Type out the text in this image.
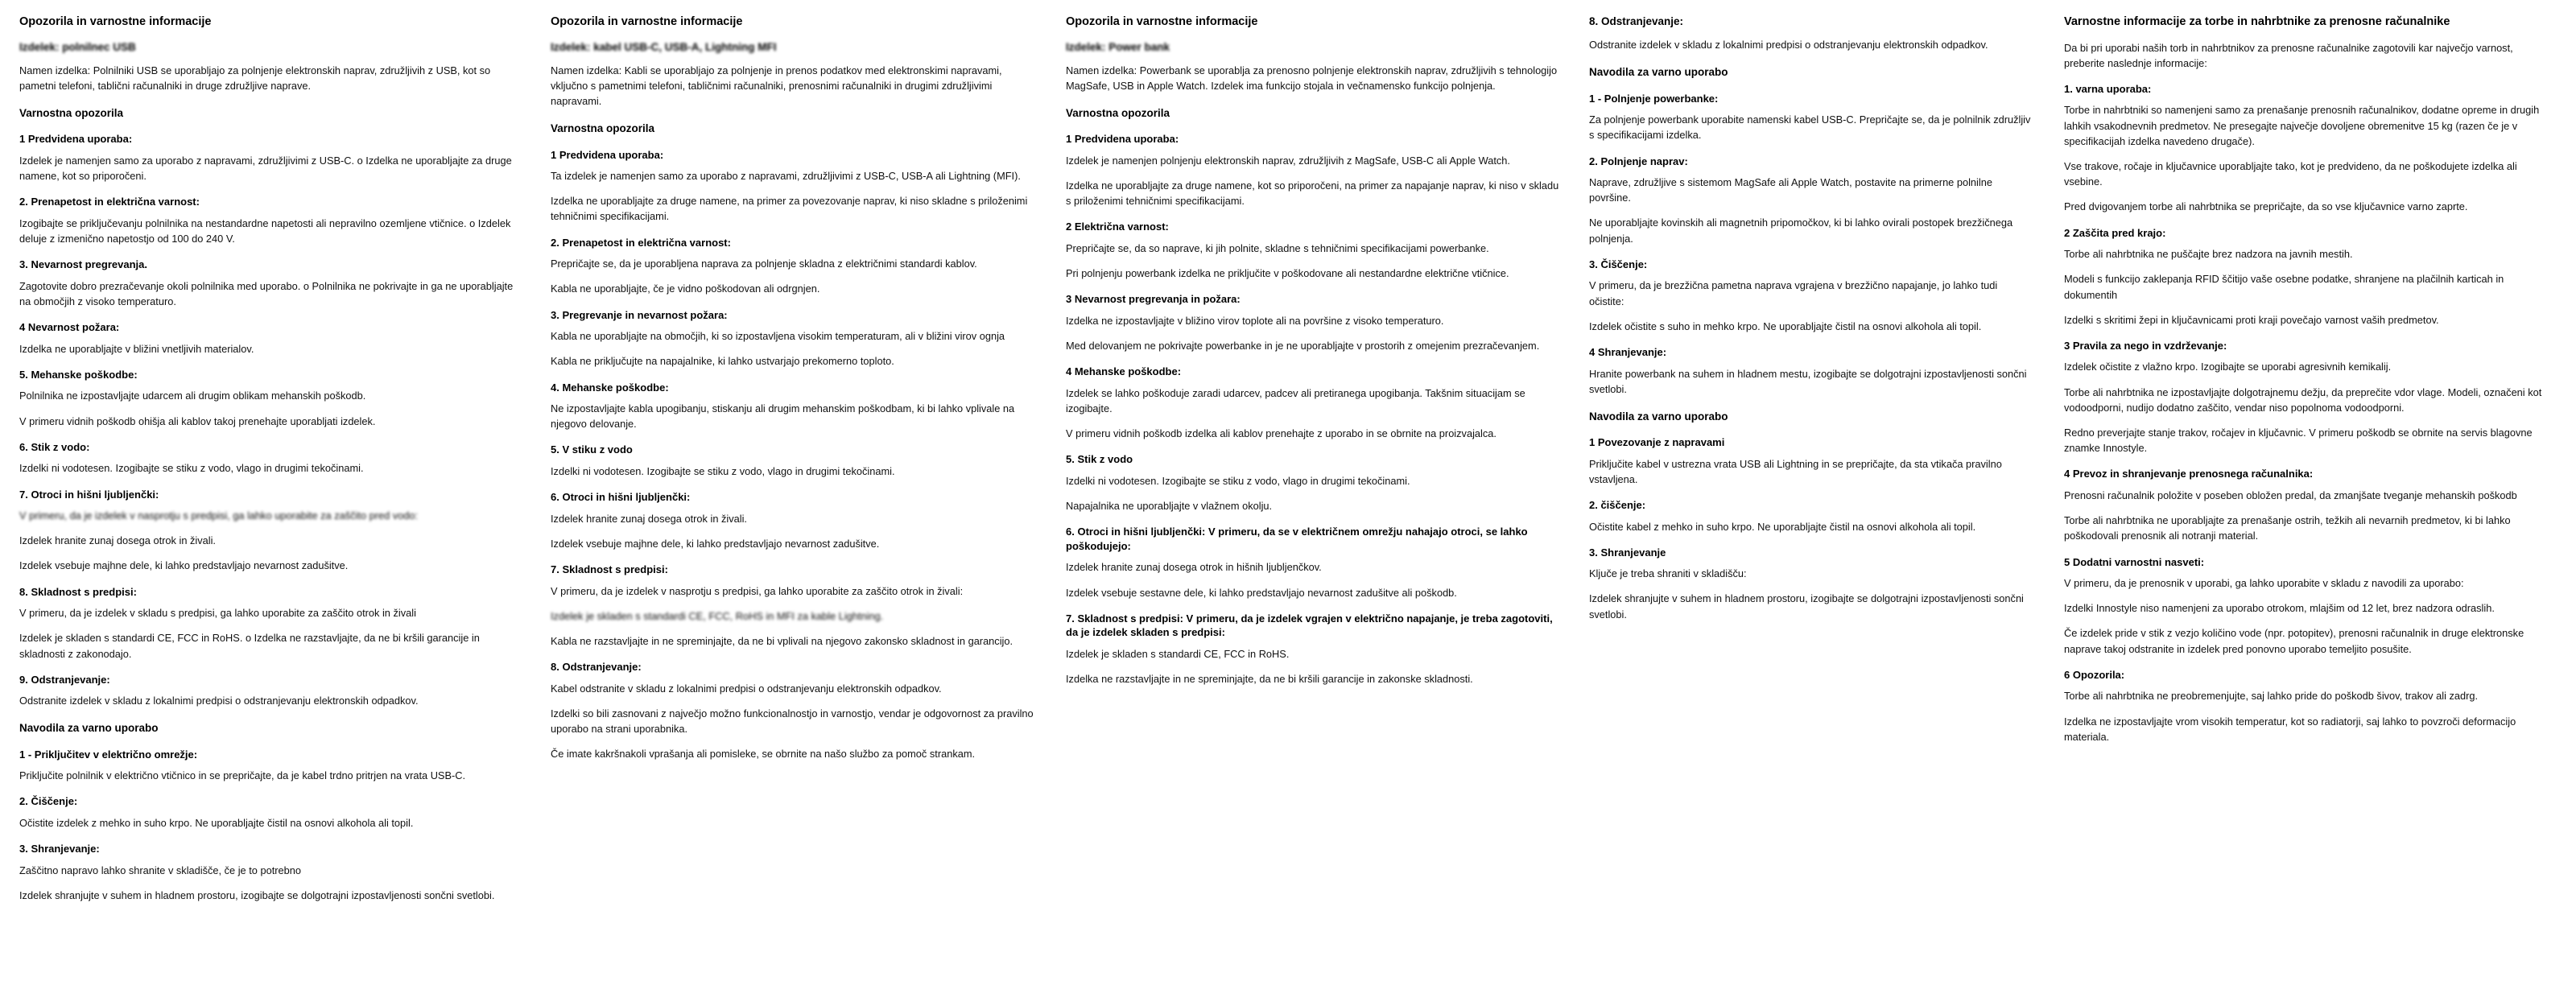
Opozorila in varnostne informacije
Izdelek: polnilnec USB

Namen izdelka: Polnilniki USB se uporabljajo za polnjenje elektronskih naprav, združljivih z USB, kot so pametni telefoni, tablični računalniki in druge združljive naprave.

Varnostna opozorila
1 Predvidena uporaba:

Izdelek je namenjen samo za uporabo z napravami, združljivimi z USB-C. o Izdelka ne uporabljajte za druge namene, kot so priporočeni.

2. Prenapetost in električna varnost:

Izogibajte se priključevanju polnilnika na nestandardne napetosti ali nepravilno ozemljene vtičnice. o Izdelek deluje z izmenično napetostjo od 100 do 240 V.

3. Nevarnost pregrevanja.

Zagotovite dobro prezračevanje okoli polnilnika med uporabo. o Polnilnika ne pokrivajte in ga ne uporabljajte na območjih z visoko temperaturo.

4 Nevarnost požara:

Izdelka ne uporabljajte v bližini vnetljivih materialov.

5. Mehanske poškodbe:

Polnilnika ne izpostavljajte udarcem ali drugim oblikam mehanskih poškodb.

V primeru vidnih poškodb ohišja ali kablov takoj prenehajte uporabljati izdelek.

6. Stik z vodo:

Izdelki ni vodotesen. Izogibajte se stiku z vodo, vlago in drugimi tekočinami.

7. Otroci in hišni ljubljenčki:

V primeru, da je izdelek v nasprotju s predpisi, ga lahko uporabite za zaščito pred vodo:

Izdelek hranite zunaj dosega otrok in živali.

Izdelek vsebuje majhne dele, ki lahko predstavljajo nevarnost zadušitve.

8. Skladnost s predpisi:

V primeru, da je izdelek v skladu s predpisi, ga lahko uporabite za zaščito otrok in živali

Izdelek je skladen s standardi CE, FCC in RoHS. o Izdelka ne razstavljajte, da ne bi kršili garancije in skladnosti z zakonodajo.

9. Odstranjevanje:

Odstranite izdelek v skladu z lokalnimi predpisi o odstranjevanju elektronskih odpadkov.

Navodila za varno uporabo
1 - Priključitev v električno omrežje:

Priključite polnilnik v električno vtičnico in se prepričajte, da je kabel trdno pritrjen na vrata USB-C.

2. Čiščenje:

Očistite izdelek z mehko in suho krpo. Ne uporabljajte čistil na osnovi alkohola ali topil.

3. Shranjevanje:

Zaščitno napravo lahko shranite v skladišče, če je to potrebno

Izdelek shranjujte v suhem in hladnem prostoru, izogibajte se dolgotrajni izpostavljenosti sončni svetlobi.

Opozorila in varnostne informacije
Izdelek: kabel USB-C, USB-A, Lightning MFI

Namen izdelka: Kabli se uporabljajo za polnjenje in prenos podatkov med elektronskimi napravami, vključno s pametnimi telefoni, tabličnimi računalniki, prenosnimi računalniki in drugimi združljivimi napravami.

Varnostna opozorila
1 Predvidena uporaba:

Ta izdelek je namenjen samo za uporabo z napravami, združljivimi z USB-C, USB-A ali Lightning (MFI).

Izdelka ne uporabljajte za druge namene, na primer za povezovanje naprav, ki niso skladne s priloženimi tehničnimi specifikacijami.

2. Prenapetost in električna varnost:

Prepričajte se, da je uporabljena naprava za polnjenje skladna z električnimi standardi kablov.

Kabla ne uporabljajte, če je vidno poškodovan ali odrgnjen.

3. Pregrevanje in nevarnost požara:

Kabla ne uporabljajte na območjih, ki so izpostavljena visokim temperaturam, ali v bližini virov ognja

Kabla ne priključujte na napajalnike, ki lahko ustvarjajo prekomerno toploto.

4. Mehanske poškodbe:

Ne izpostavljajte kabla upogibanju, stiskanju ali drugim mehanskim poškodbam, ki bi lahko vplivale na njegovo delovanje.

5. V stiku z vodo

Izdelki ni vodotesen. Izogibajte se stiku z vodo, vlago in drugimi tekočinami.

6. Otroci in hišni ljubljenčki:

Izdelek hranite zunaj dosega otrok in živali.

Izdelek vsebuje majhne dele, ki lahko predstavljajo nevarnost zadušitve.

7. Skladnost s predpisi:

V primeru, da je izdelek v nasprotju s predpisi, ga lahko uporabite za zaščito otrok in živali:

Izdelek je skladen s standardi CE, FCC, RoHS in MFI za kable Lightning.

Kabla ne razstavljajte in ne spreminjajte, da ne bi vplivali na njegovo zakonsko skladnost in garancijo.

8. Odstranjevanje:

Kabel odstranite v skladu z lokalnimi predpisi o odstranjevanju elektronskih odpadkov.

Izdelki so bili zasnovani z največjo možno funkcionalnostjo in varnostjo, vendar je odgovornost za pravilno uporabo na strani uporabnika.

Če imate kakršnakoli vprašanja ali pomisleke, se obrnite na našo službo za pomoč strankam.

Opozorila in varnostne informacije
Izdelek: Power bank

Namen izdelka: Powerbank se uporablja za prenosno polnjenje elektronskih naprav, združljivih s tehnologijo MagSafe, USB in Apple Watch. Izdelek ima funkcijo stojala in večnamensko funkcijo polnjenja.

Varnostna opozorila
1 Predvidena uporaba:

Izdelek je namenjen polnjenju elektronskih naprav, združljivih z MagSafe, USB-C ali Apple Watch.

Izdelka ne uporabljajte za druge namene, kot so priporočeni, na primer za napajanje naprav, ki niso v skladu s priloženimi tehničnimi specifikacijami.

2 Električna varnost:

Prepričajte se, da so naprave, ki jih polnite, skladne s tehničnimi specifikacijami powerbanke.

Pri polnjenju powerbank izdelka ne priključite v poškodovane ali nestandardne električne vtičnice.

3 Nevarnost pregrevanja in požara:

Izdelka ne izpostavljajte v bližino virov toplote ali na površine z visoko temperaturo.

Med delovanjem ne pokrivajte powerbanke in je ne uporabljajte v prostorih z omejenim prezračevanjem.

4 Mehanske poškodbe:

Izdelek se lahko poškoduje zaradi udarcev, padcev ali pretiranega upogibanja. Takšnim situacijam se izogibajte.

V primeru vidnih poškodb izdelka ali kablov prenehajte z uporabo in se obrnite na proizvajalca.

5. Stik z vodo

Izdelki ni vodotesen. Izogibajte se stiku z vodo, vlago in drugimi tekočinami.

Napajalnika ne uporabljajte v vlažnem okolju.

6. Otroci in hišni ljubljenčki: V primeru, da se v električnem omrežju nahajajo otroci, se lahko poškodujejo:

Izdelek hranite zunaj dosega otrok in hišnih ljubljenčkov.

Izdelek vsebuje sestavne dele, ki lahko predstavljajo nevarnost zadušitve ali poškodb.

7. Skladnost s predpisi: V primeru, da je izdelek vgrajen v električno napajanje, je treba zagotoviti, da je izdelek skladen s predpisi:

Izdelek je skladen s standardi CE, FCC in RoHS.

Izdelka ne razstavljajte in ne spreminjajte, da ne bi kršili garancije in zakonske skladnosti.

8. Odstranjevanje:

Odstranite izdelek v skladu z lokalnimi predpisi o odstranjevanju elektronskih odpadkov.

Navodila za varno uporabo
1 - Polnjenje powerbanke:

Za polnjenje powerbank uporabite namenski kabel USB-C. Prepričajte se, da je polnilnik združljiv s specifikacijami izdelka.

2. Polnjenje naprav:

Naprave, združljive s sistemom MagSafe ali Apple Watch, postavite na primerne polnilne površine.

Ne uporabljajte kovinskih ali magnetnih pripomočkov, ki bi lahko ovirali postopek brezžičnega polnjenja.

3. Čiščenje:

V primeru, da je brezžična pametna naprava vgrajena v brezžično napajanje, jo lahko tudi očistite:

Izdelek očistite s suho in mehko krpo. Ne uporabljajte čistil na osnovi alkohola ali topil.

4 Shranjevanje:

Hranite powerbank na suhem in hladnem mestu, izogibajte se dolgotrajni izpostavljenosti sončni svetlobi.

Navodila za varno uporabo
1 Povezovanje z napravami

Priključite kabel v ustrezna vrata USB ali Lightning in se prepričajte, da sta vtikača pravilno vstavljena.

2. čiščenje:

Očistite kabel z mehko in suho krpo. Ne uporabljajte čistil na osnovi alkohola ali topil.

3. Shranjevanje

Ključe je treba shraniti v skladišču:

Izdelek shranjujte v suhem in hladnem prostoru, izogibajte se dolgotrajni izpostavljenosti sončni svetlobi.

Varnostne informacije za torbe in nahrbtnike za prenosne računalnike

Da bi pri uporabi naših torb in nahrbtnikov za prenosne računalnike zagotovili kar največjo varnost, preberite naslednje informacije:

1. varna uporaba:

Torbe in nahrbtniki so namenjeni samo za prenašanje prenosnih računalnikov, dodatne opreme in drugih lahkih vsakodnevnih predmetov. Ne presegajte največje dovoljene obremenitve 15 kg (razen če je v specifikacijah izdelka navedeno drugače).

Vse trakove, ročaje in ključavnice uporabljajte tako, kot je predvideno, da ne poškodujete izdelka ali vsebine.

Pred dvigovanjem torbe ali nahrbtnika se prepričajte, da so vse ključavnice varno zaprte.

2 Zaščita pred krajo:

Torbe ali nahrbtnika ne puščajte brez nadzora na javnih mestih.

Modeli s funkcijo zaklepanja RFID ščitijo vaše osebne podatke, shranjene na plačilnih karticah in dokumentih

Izdelki s skritimi žepi in ključavnicami proti kraji povečajo varnost vaših predmetov.

3 Pravila za nego in vzdrževanje:

Izdelek očistite z vlažno krpo. Izogibajte se uporabi agresivnih kemikalij.

Torbe ali nahrbtnika ne izpostavljajte dolgotrajnemu dežju, da preprečite vdor vlage. Modeli, označeni kot vodoodporni, nudijo dodatno zaščito, vendar niso popolnoma vodoodporni.

Redno preverjajte stanje trakov, ročajev in ključavnic. V primeru poškodb se obrnite na servis blagovne znamke Innostyle.

4 Prevoz in shranjevanje prenosnega računalnika:

Prenosni računalnik položite v poseben obložen predal, da zmanjšate tveganje mehanskih poškodb

Torbe ali nahrbtnika ne uporabljajte za prenašanje ostrih, težkih ali nevarnih predmetov, ki bi lahko poškodovali prenosnik ali notranji material.

5 Dodatni varnostni nasveti:

V primeru, da je prenosnik v uporabi, ga lahko uporabite v skladu z navodili za uporabo:

Izdelki Innostyle niso namenjeni za uporabo otrokom, mlajšim od 12 let, brez nadzora odraslih.

Če izdelek pride v stik z vezjo količino vode (npr. potopitev), prenosni računalnik in druge elektronske naprave takoj odstranite in izdelek pred ponovno uporabo temeljito posušite.

6 Opozorila:

Torbe ali nahrbtnika ne preobremenjujte, saj lahko pride do poškodb šivov, trakov ali zadrg.

Izdelka ne izpostavljajte vrom visokih temperatur, kot so radiatorji, saj lahko to povzroči deformacijo materiala.
